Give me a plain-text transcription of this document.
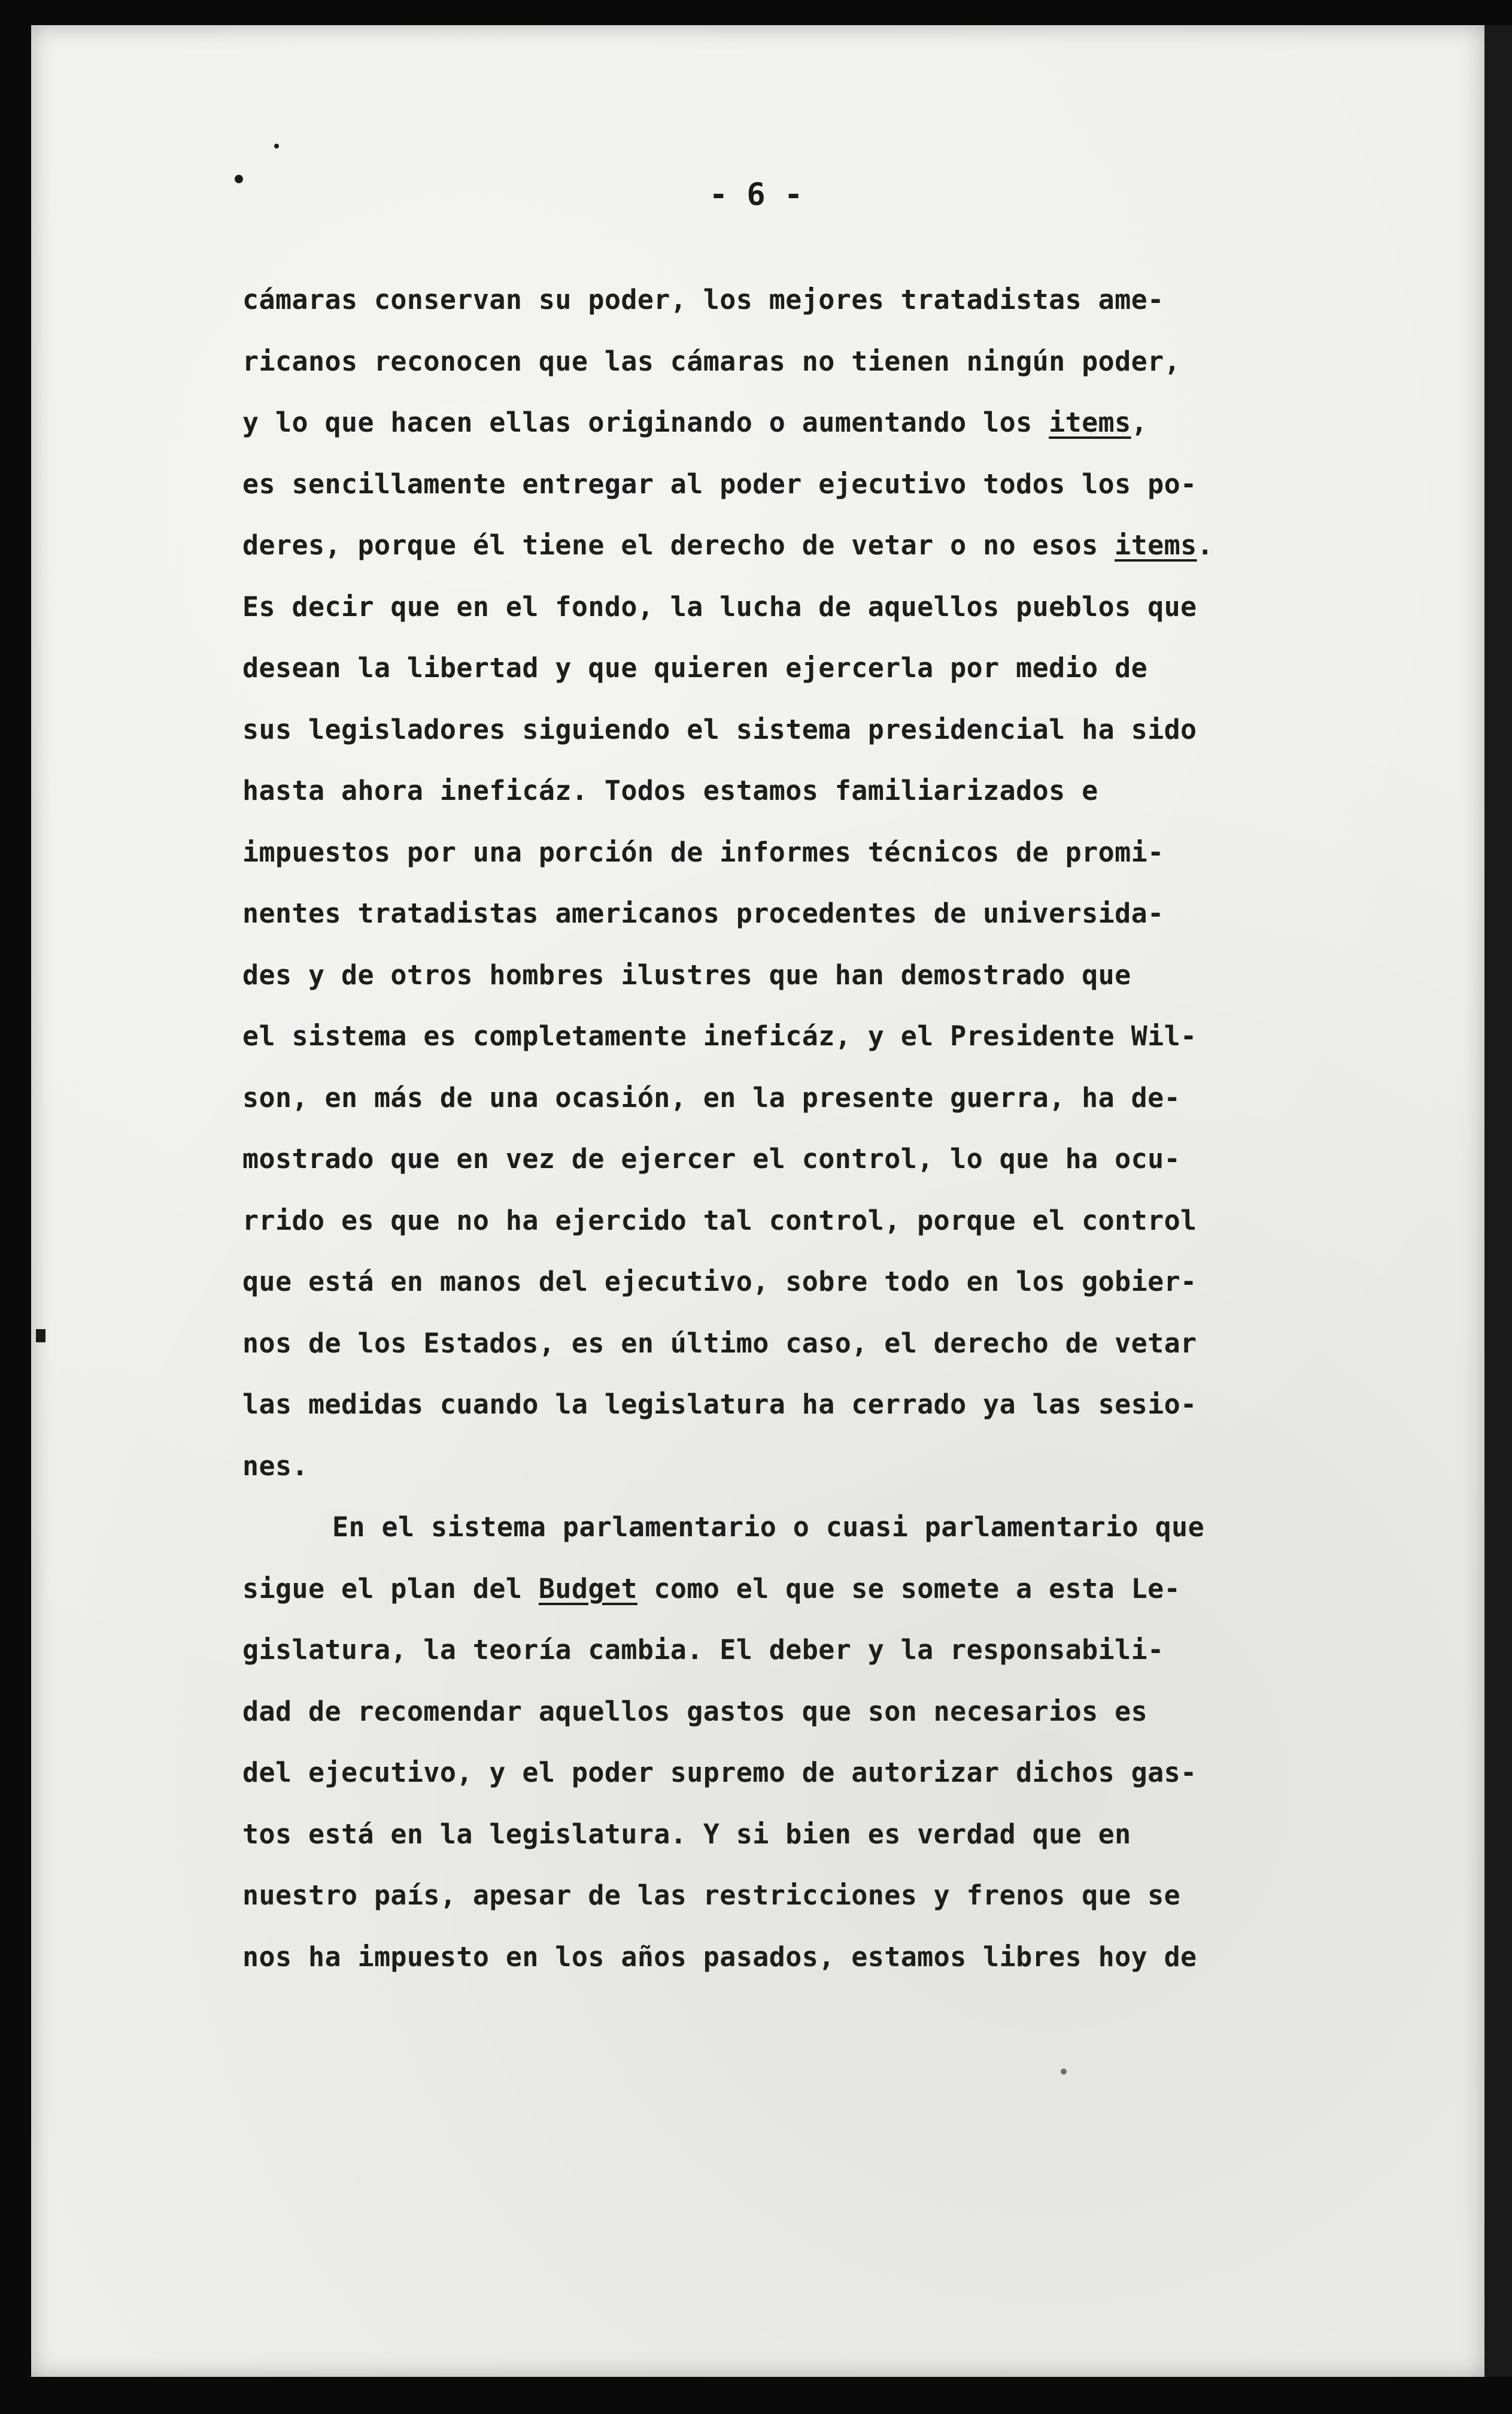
- 6 -
cámaras conservan su poder, los mejores tratadistas ame-
ricanos reconocen que las cámaras no tienen ningún poder,
y lo que hacen ellas originando o aumentando los items,
es sencillamente entregar al poder ejecutivo todos los po-
deres, porque él tiene el derecho de vetar o no esos items.
Es decir que en el fondo, la lucha de aquellos pueblos que
desean la libertad y que quieren ejercerla por medio de
sus legisladores siguiendo el sistema presidencial ha sido
hasta ahora ineficáz. Todos estamos familiarizados e
impuestos por una porción de informes técnicos de promi-
nentes tratadistas americanos procedentes de universida-
des y de otros hombres ilustres que han demostrado que
el sistema es completamente ineficáz, y el Presidente Wil-
son, en más de una ocasión, en la presente guerra, ha de-
mostrado que en vez de ejercer el control, lo que ha ocu-
rrido es que no ha ejercido tal control, porque el control
que está en manos del ejecutivo, sobre todo en los gobier-
nos de los Estados, es en último caso, el derecho de vetar
las medidas cuando la legislatura ha cerrado ya las sesio-
nes.
En el sistema parlamentario o cuasi parlamentario que
sigue el plan del Budget como el que se somete a esta Le-
gislatura, la teoría cambia. El deber y la responsabili-
dad de recomendar aquellos gastos que son necesarios es
del ejecutivo, y el poder supremo de autorizar dichos gas-
tos está en la legislatura. Y si bien es verdad que en
nuestro país, apesar de las restricciones y frenos que se
nos ha impuesto en los años pasados, estamos libres hoy de
